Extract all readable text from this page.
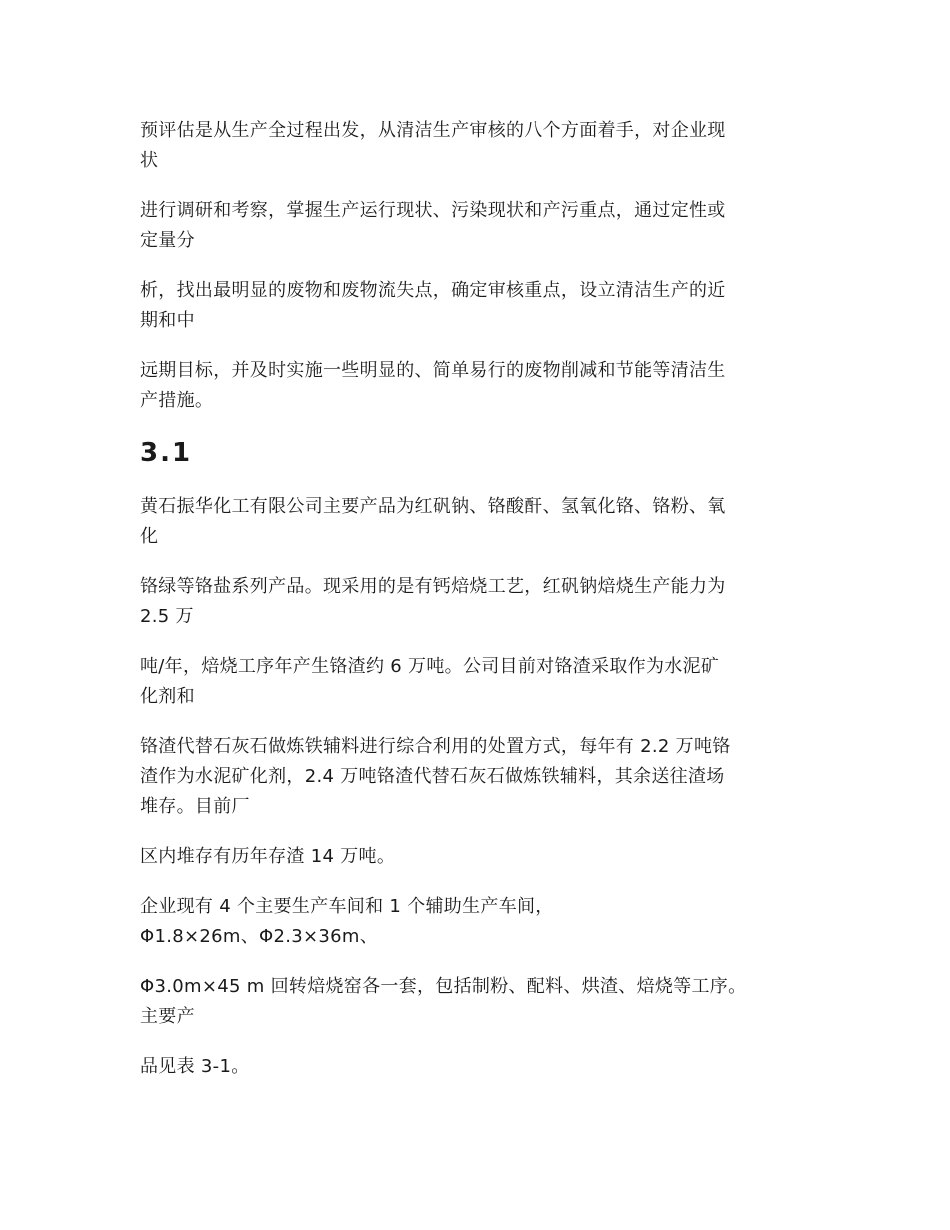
预评估是从生产全过程出发，从清洁生产审核的八个方面着手，对企业现
状

进行调研和考察，掌握生产运行现状、污染现状和产污重点，通过定性或
定量分

析，找出最明显的废物和废物流失点，确定审核重点，设立清洁生产的近
期和中

远期目标，并及时实施一些明显的、简单易行的废物削减和节能等清洁生
产措施。

3.1

黄石振华化工有限公司主要产品为红矾钠、铬酸酐、氢氧化铬、铬粉、氧
化

铬绿等铬盐系列产品。现采用的是有钙焙烧工艺，红矾钠焙烧生产能力为
2.5 万

吨/年，焙烧工序年产生铬渣约 6 万吨。公司目前对铬渣采取作为水泥矿
化剂和

铬渣代替石灰石做炼铁辅料进行综合利用的处置方式，每年有 2.2 万吨铬
渣作为水泥矿化剂，2.4 万吨铬渣代替石灰石做炼铁辅料，其余送往渣场
堆存。目前厂

区内堆存有历年存渣 14 万吨。

企业现有 4 个主要生产车间和 1 个辅助生产车间，
Φ1.8×26m、Φ2.3×36m、

Φ3.0m×45 m 回转焙烧窑各一套，包括制粉、配料、烘渣、焙烧等工序。
主要产

品见表 3-1。
